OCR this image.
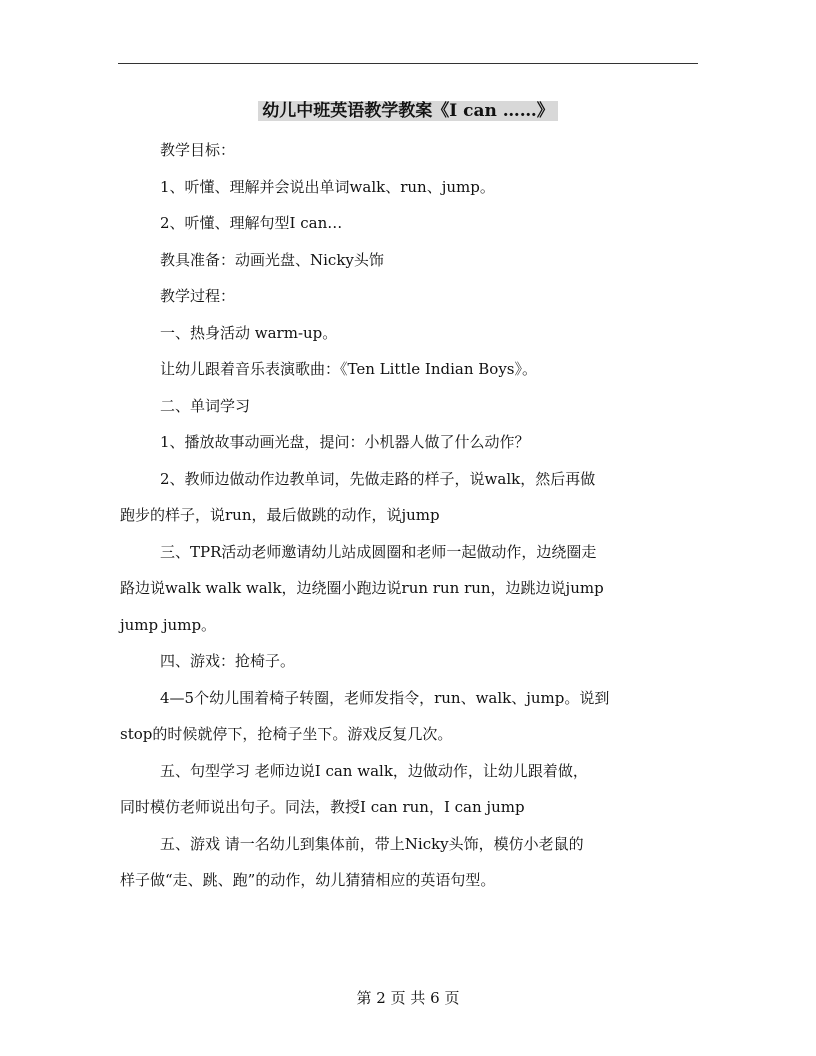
幼儿中班英语教学教案《I can ……》

教学目标：

1、听懂、理解并会说出单词walk、run、jump。

2、听懂、理解句型I can…

教具准备：动画光盘、Nicky头饰

教学过程：

一、热身活动 warm-up。

让幼儿跟着音乐表演歌曲：《Ten Little Indian Boys》。

二、单词学习

1、播放故事动画光盘，提问：小机器人做了什么动作？

2、教师边做动作边教单词，先做走路的样子，说walk，然后再做
跑步的样子，说run，最后做跳的动作，说jump

三、TPR活动老师邀请幼儿站成圆圈和老师一起做动作，边绕圈走
路边说walk walk walk，边绕圈小跑边说run run run，边跳边说jump
jump jump。

四、游戏：抢椅子。

4—5个幼儿围着椅子转圈，老师发指令，run、walk、jump。说到
stop的时候就停下，抢椅子坐下。游戏反复几次。

五、句型学习 老师边说I can walk，边做动作，让幼儿跟着做，
同时模仿老师说出句子。同法，教授I can run，I can jump

五、游戏 请一名幼儿到集体前，带上Nicky头饰，模仿小老鼠的
样子做“走、跳、跑”的动作，幼儿猜猜相应的英语句型。

第 2 页 共 6 页
